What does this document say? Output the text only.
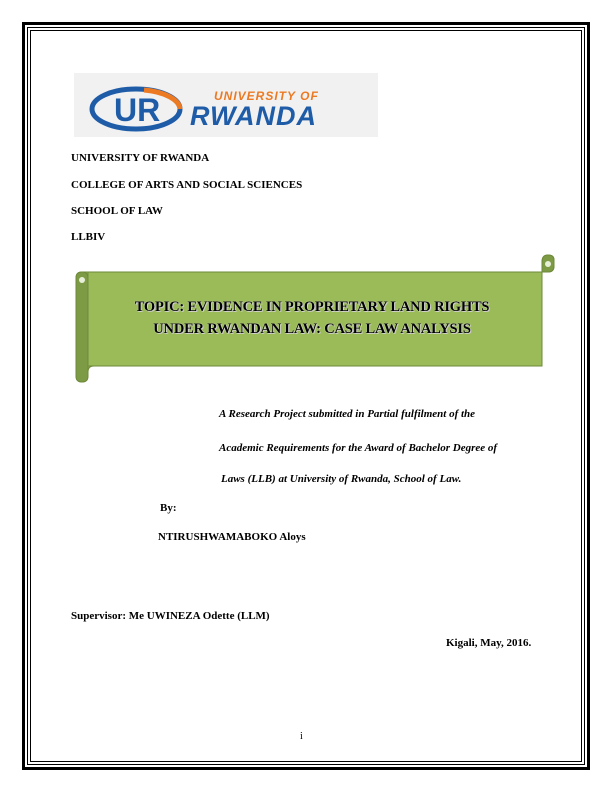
UR	UNIVERSITY OF
RWANDA
UNIVERSITY OF RWANDA
COLLEGE OF ARTS AND SOCIAL SCIENCES
SCHOOL OF LAW
LLBIV
TOPIC: EVIDENCE IN PROPRIETARY LAND RIGHTS
UNDER RWANDAN LAW: CASE LAW ANALYSIS
A Research Project submitted in Partial fulfilment of the
Academic Requirements for the Award of Bachelor Degree of
Laws (LLB) at University of Rwanda, School of Law.
By:
NTIRUSHWAMABOKO Aloys
Supervisor: Me UWINEZA Odette (LLM)
Kigali, May, 2016.
i
